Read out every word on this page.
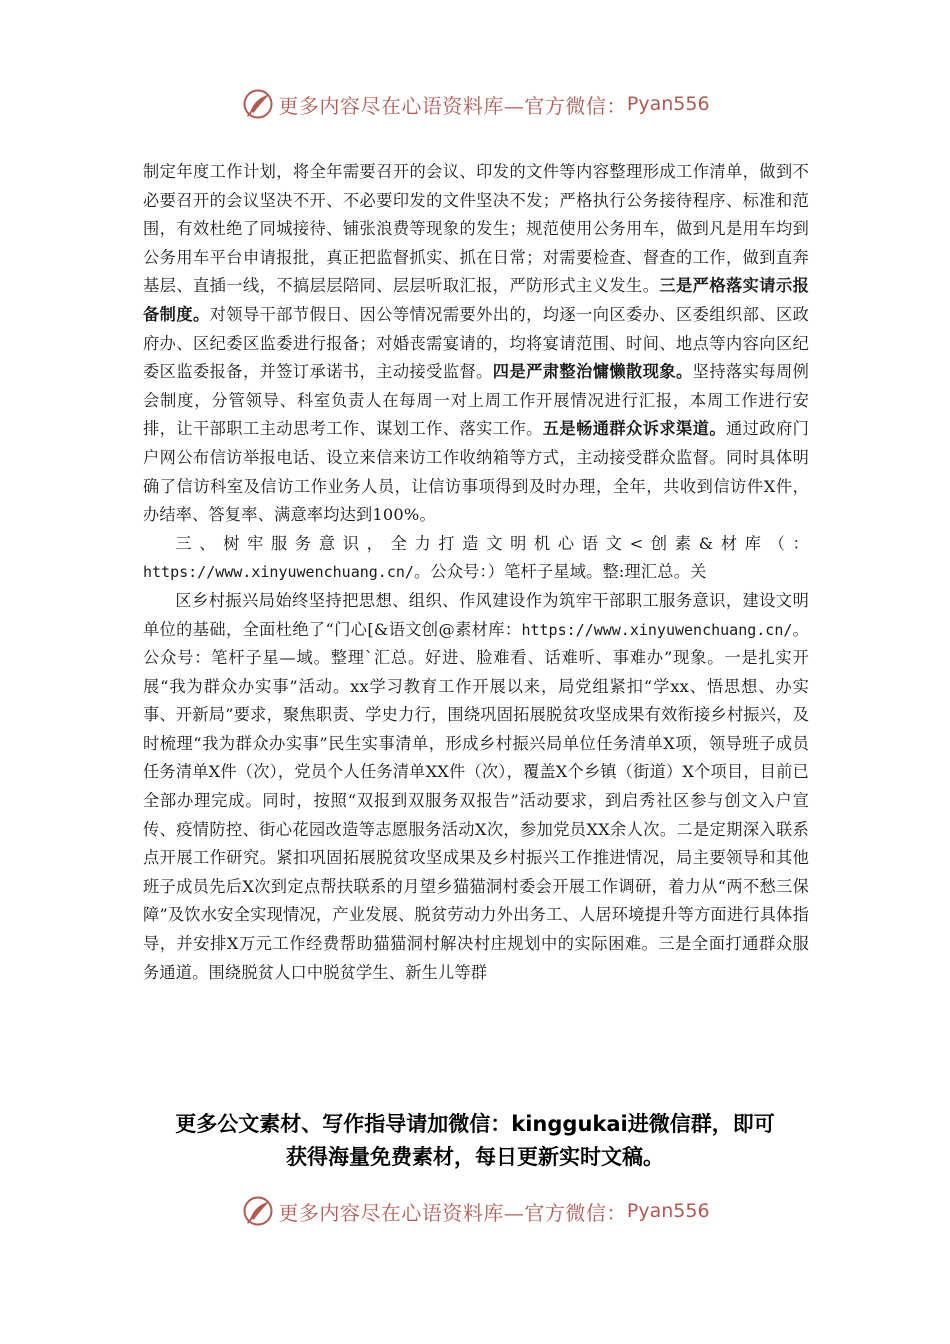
更多内容尽在心语资料库—官方微信： Pyan556

制定年度工作计划，将全年需要召开的会议、印发的文件等内容整理形成工作清单，做到不必要召开的会议坚决不开、不必要印发的文件坚决不发；严格执行公务接待程序、标准和范围，有效杜绝了同城接待、铺张浪费等现象的发生；规范使用公务用车，做到凡是用车均到公务用车平台申请报批，真正把监督抓实、抓在日常；对需要检查、督查的工作，做到直奔基层、直插一线，不搞层层陪同、层层听取汇报，严防形式主义发生。三是严格落实请示报备制度。对领导干部节假日、因公等情况需要外出的，均逐一向区委办、区委组织部、区政府办、区纪委区监委进行报备；对婚丧需宴请的，均将宴请范围、时间、地点等内容向区纪委区监委报备，并签订承诺书，主动接受监督。四是严肃整治慵懒散现象。坚持落实每周例会制度，分管领导、科室负责人在每周一对上周工作开展情况进行汇报，本周工作进行安排，让干部职工主动思考工作、谋划工作、落实工作。五是畅通群众诉求渠道。通过政府门户网公布信访举报电话、设立来信来访工作收纳箱等方式，主动接受群众监督。同时具体明确了信访科室及信访工作业务人员，让信访事项得到及时办理，全年，共收到信访件X件，办结率、答复率、满意率均达到100%。

三、树牢服务意识，全力打造文明机心语文<创素&材库（：https://www.xinyuwenchuang.cn/。公众号：）笔杆子星域。整:理汇总。关

区乡村振兴局始终坚持把思想、组织、作风建设作为筑牢干部职工服务意识，建设文明单位的基础，全面杜绝了“门心[&语文创@素材库：https://www.xinyuwenchuang.cn/。公众号：笔杆子星—域。整理`汇总。好进、脸难看、话难听、事难办”现象。一是扎实开展“我为群众办实事”活动。xx学习教育工作开展以来，局党组紧扣“学xx、悟思想、办实事、开新局”要求，聚焦职责、学史力行，围绕巩固拓展脱贫攻坚成果有效衔接乡村振兴，及时梳理“我为群众办实事”民生实事清单，形成乡村振兴局单位任务清单X项，领导班子成员任务清单X件（次），党员个人任务清单XX件（次），覆盖X个乡镇（街道）X个项目，目前已全部办理完成。同时，按照“双报到双服务双报告”活动要求，到启秀社区参与创文入户宣传、疫情防控、街心花园改造等志愿服务活动X次，参加党员XX余人次。二是定期深入联系点开展工作研究。紧扣巩固拓展脱贫攻坚成果及乡村振兴工作推进情况，局主要领导和其他班子成员先后X次到定点帮扶联系的月望乡猫猫洞村委会开展工作调研，着力从“两不愁三保障”及饮水安全实现情况，产业发展、脱贫劳动力外出务工、人居环境提升等方面进行具体指导，并安排X万元工作经费帮助猫猫洞村解决村庄规划中的实际困难。三是全面打通群众服务通道。围绕脱贫人口中脱贫学生、新生儿等群

更多公文素材、写作指导请加微信：kinggukai进微信群，即可
获得海量免费素材，每日更新实时文稿。
更多内容尽在心语资料库—官方微信： Pyan556
